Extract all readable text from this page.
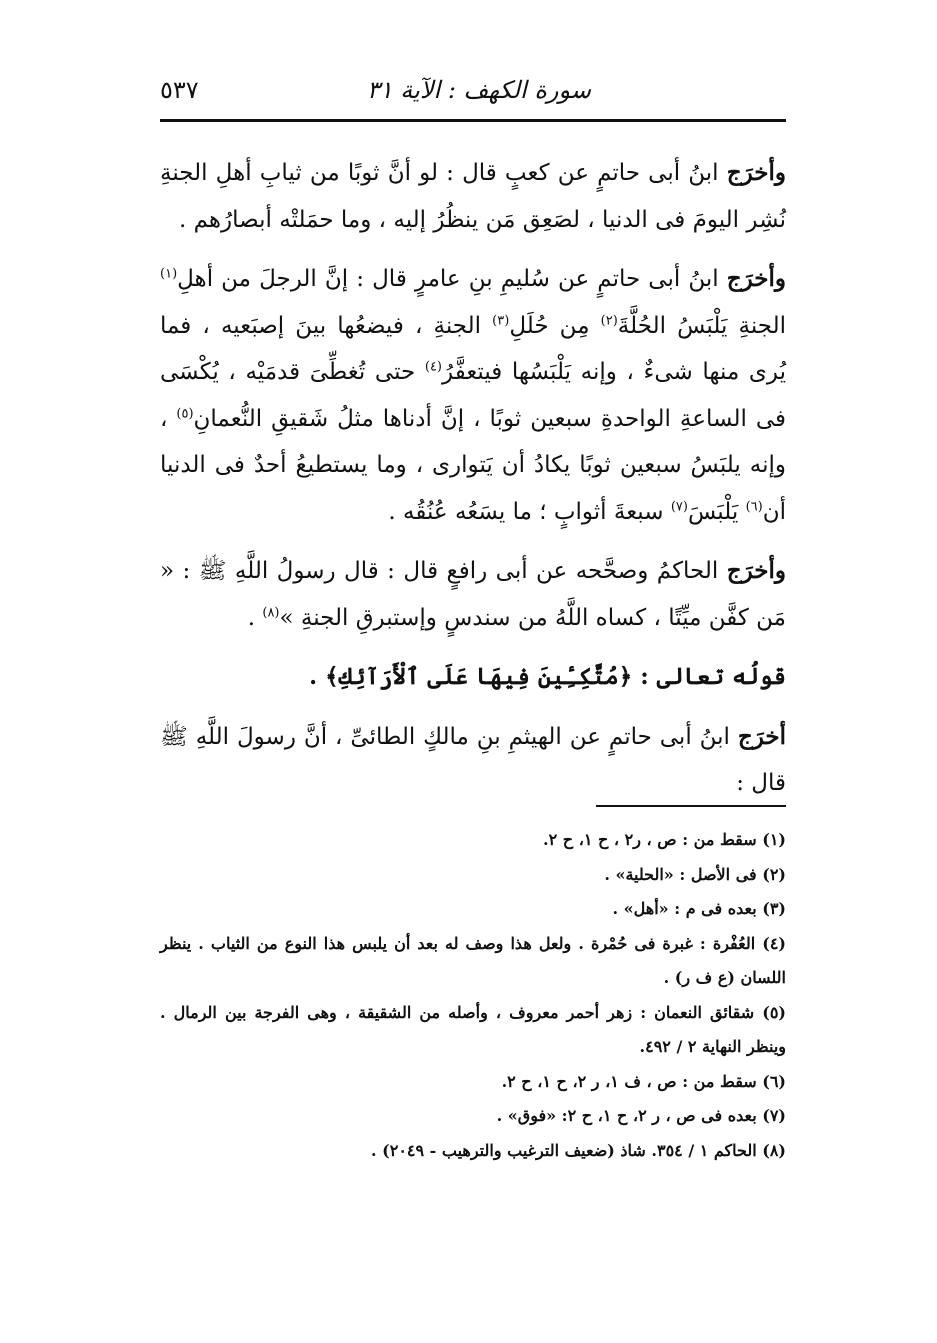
سورة الكهف : الآية ٣١
٥٣٧

وأخرَج ابنُ أبى حاتمٍ عن كعبٍ قال : لو أنَّ ثوبًا من ثيابِ أهلِ الجنةِ نُشِر اليومَ فى الدنيا ، لصَعِق مَن ينظُرُ إليه ، وما حمَلتْه أبصارُهم .

وأخرَج ابنُ أبى حاتمٍ عن سُليمِ بنِ عامرٍ قال : إنَّ الرجلَ من أهلِ$^{(١)}$ الجنةِ يَلْبَسُ الحُلَّةَ$^{(٢)}$ مِن حُلَلِ$^{(٣)}$ الجنةِ ، فيضعُها بينَ إصبَعيه ، فما يُرى منها شىءٌ ، وإنه يَلْبَسُها فيتعفَّرُ$^{(٤)}$ حتى تُغطِّىَ قدمَيْه ، يُكْسَى فى الساعةِ الواحدةِ سبعين ثوبًا ، إنَّ أدناها مثلُ شَقيقِ النُّعمانِ$^{(٥)}$ ، وإنه يلبَسُ سبعين ثوبًا يكادُ أن يَتوارى ، وما يستطيعُ أحدٌ فى الدنيا أن$^{(٦)}$ يَلْبَسَ$^{(٧)}$ سبعةَ أثوابٍ ؛ ما يسَعُه عُنُقُه .

وأخرَج الحاكمُ وصحَّحه عن أبى رافعٍ قال : قال رسولُ اللَّهِ ﷺ : « مَن كفَّن ميِّتًا ، كساه اللَّهُ من سندسٍ وإستبرقِ الجنةِ »$^{(٨)}$ .

قولُه تعالى : ﴿مُتَّكِـِٔينَ فِيهَا عَلَى ٱلْأَرَآئِكِ﴾ .

أخرَج ابنُ أبى حاتمٍ عن الهيثمِ بنِ مالكٍ الطائىِّ ، أنَّ رسولَ اللَّهِ ﷺ قال :

(١) سقط من : ص ، ر٢ ، ح ١، ح ٢.

(٢) فى الأصل : «الحلية» .

(٣) بعده فى م : «أهل» .

(٤) العُفْرة : غبرة فى حُمْرة . ولعل هذا وصف له بعد أن يلبس هذا النوع من الثياب . ينظر اللسان (ع ف ر) .

(٥) شقائق النعمان : زهر أحمر معروف ، وأصله من الشقيقة ، وهى الفرجة بين الرمال . وينظر النهاية ٢ / ٤٩٢.

(٦) سقط من : ص ، ف ١، ر ٢، ح ١، ح ٢.

(٧) بعده فى ص ، ر ٢، ح ١، ح ٢: «فوق» .

(٨) الحاكم ١ / ٣٥٤. شاذ (ضعيف الترغيب والترهيب - ٢٠٤٩) .
